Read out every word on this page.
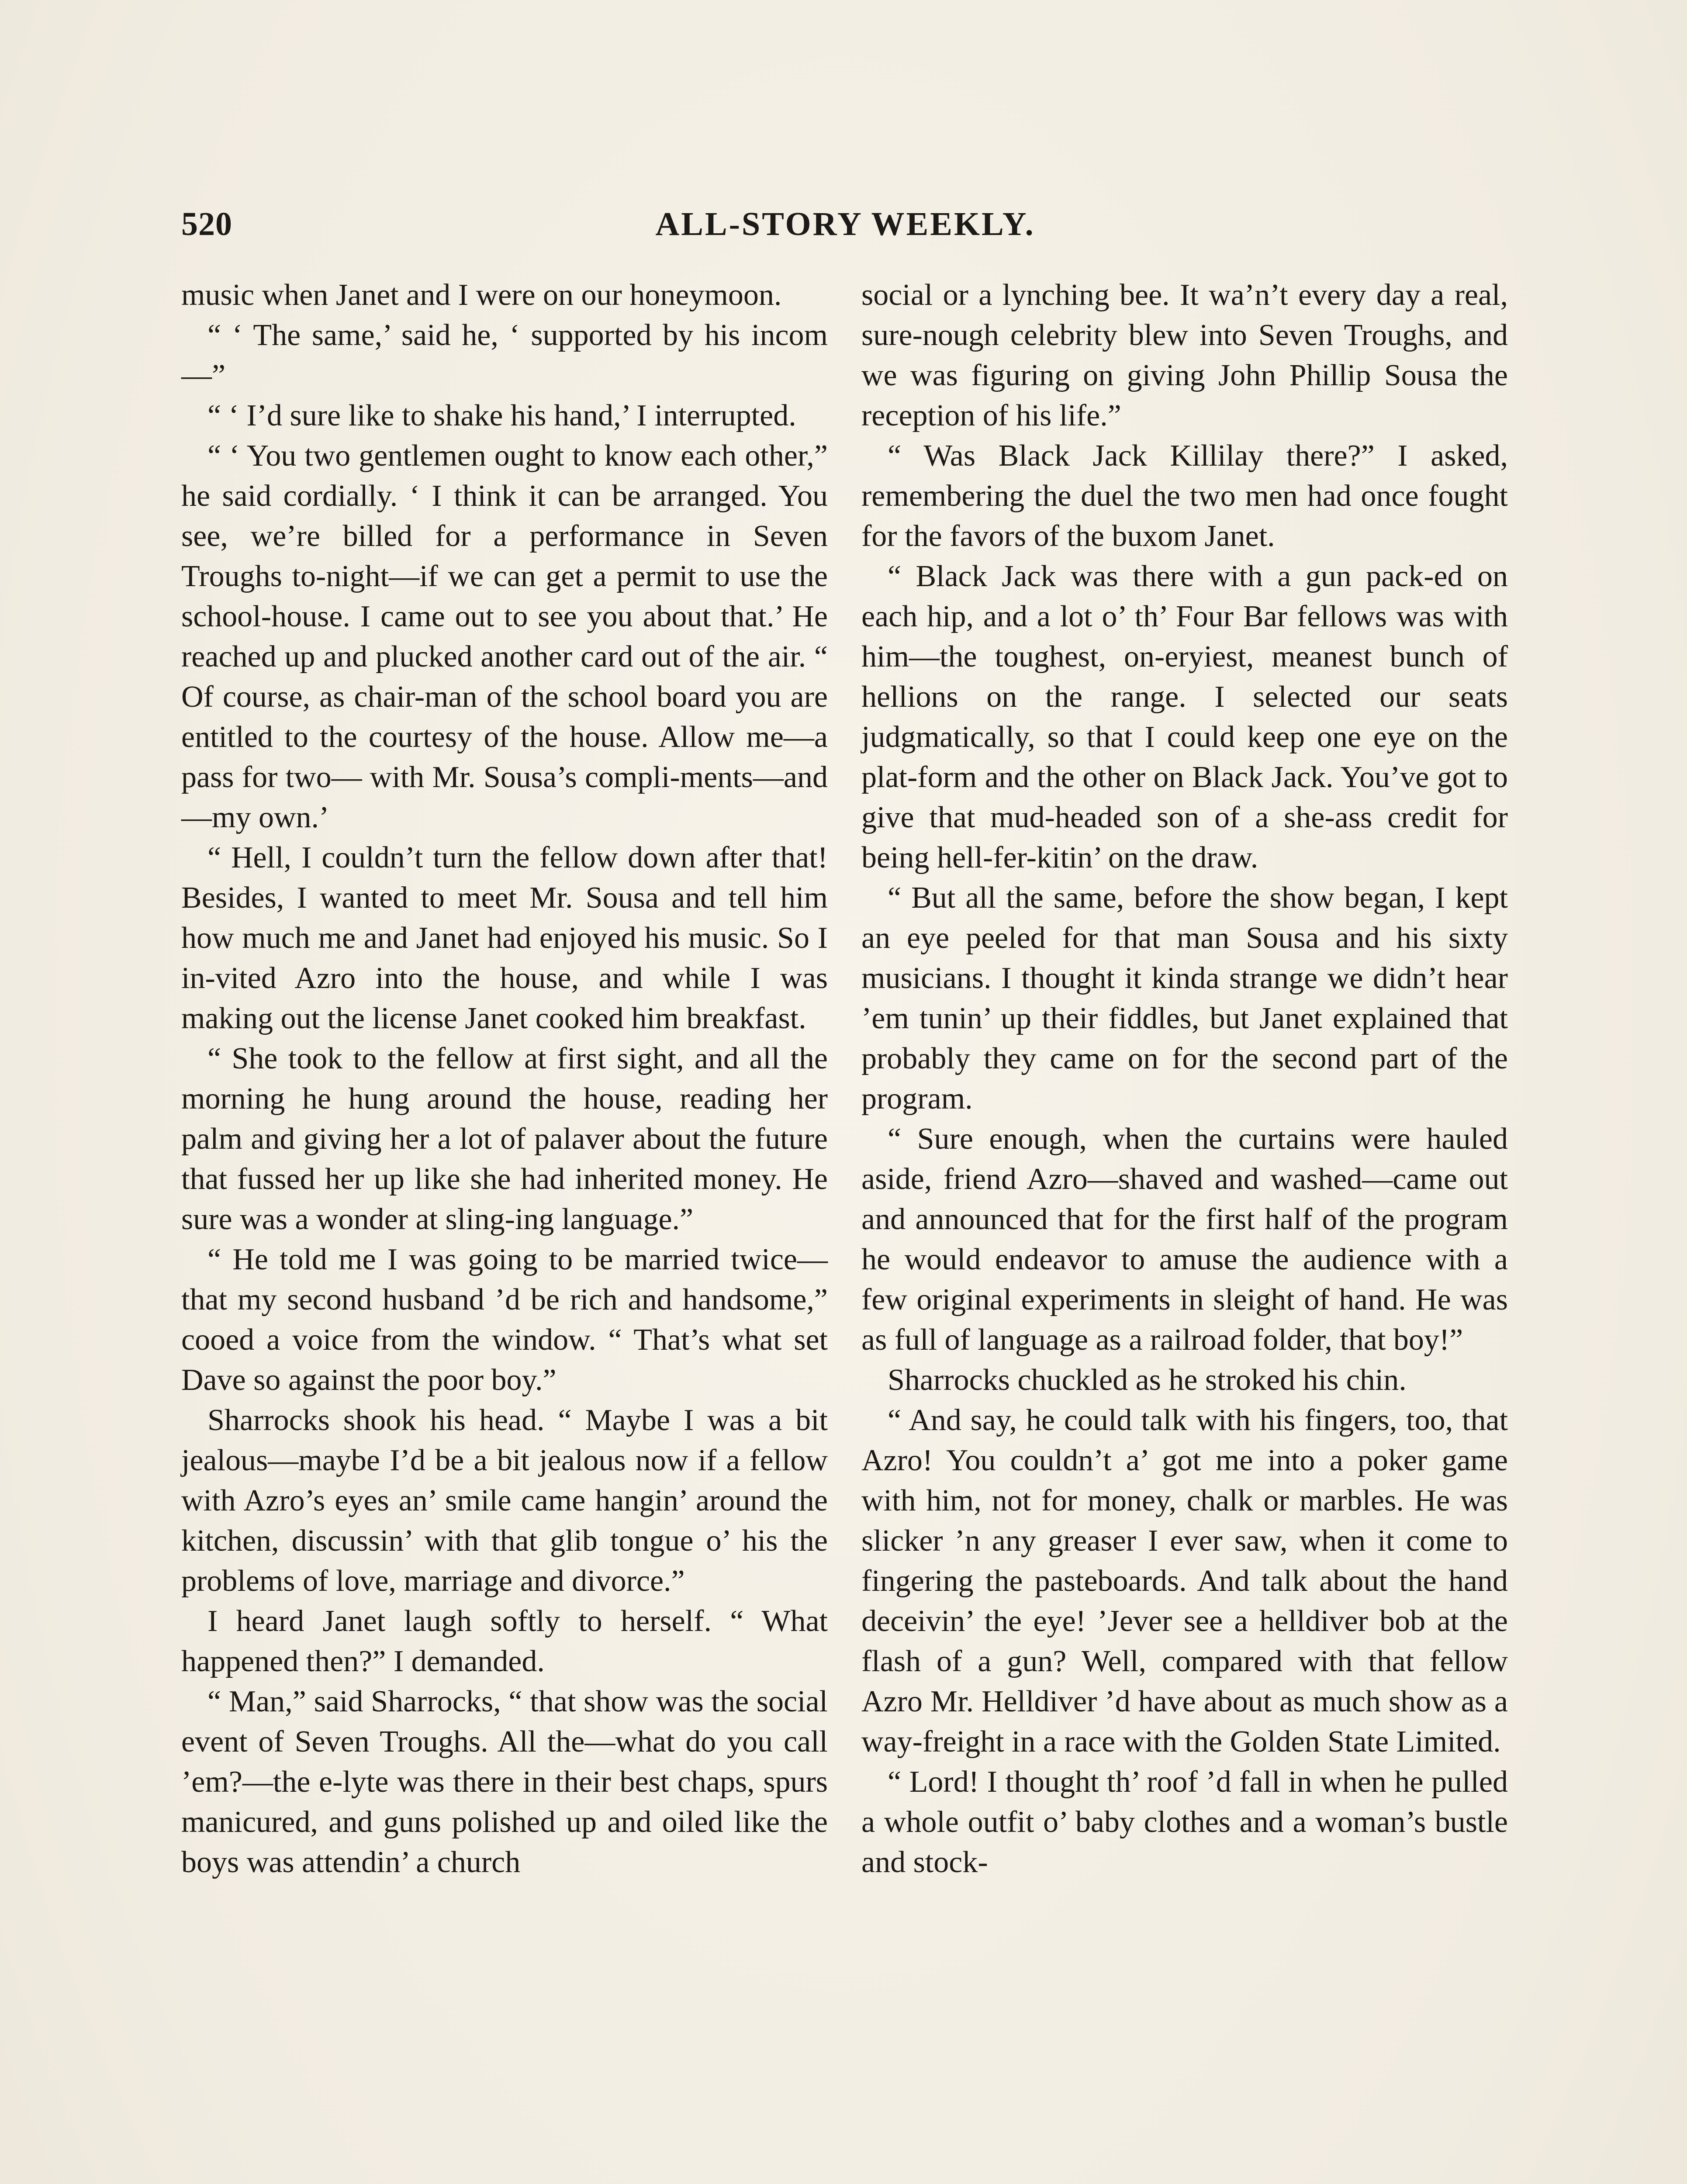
520	ALL-STORY WEEKLY.

music when Janet and I were on our honeymoon.

“ ‘ The same,’ said he, ‘ supported by his incom—”

“ ‘ I’d sure like to shake his hand,’ I interrupted.

“ ‘ You two gentlemen ought to know each other,” he said cordially. ‘ I think it can be arranged. You see, we’re billed for a performance in Seven Troughs to-night—if we can get a permit to use the school-house. I came out to see you about that.’ He reached up and plucked another card out of the air. “ Of course, as chair-man of the school board you are entitled to the courtesy of the house. Allow me—a pass for two— with Mr. Sousa’s compli-ments—and—my own.’

“ Hell, I couldn’t turn the fellow down after that! Besides, I wanted to meet Mr. Sousa and tell him how much me and Janet had enjoyed his music. So I in-vited Azro into the house, and while I was making out the license Janet cooked him breakfast.

“ She took to the fellow at first sight, and all the morning he hung around the house, reading her palm and giving her a lot of palaver about the future that fussed her up like she had inherited money. He sure was a wonder at sling-ing language.”

“ He told me I was going to be married twice—that my second husband ’d be rich and handsome,” cooed a voice from the window. “ That’s what set Dave so against the poor boy.”

Sharrocks shook his head. “ Maybe I was a bit jealous—maybe I’d be a bit jealous now if a fellow with Azro’s eyes an’ smile came hangin’ around the kitchen, discussin’ with that glib tongue o’ his the problems of love, marriage and divorce.”

I heard Janet laugh softly to herself. “ What happened then?” I demanded.

“ Man,” said Sharrocks, “ that show was the social event of Seven Troughs. All the—what do you call ’em?—the e-lyte was there in their best chaps, spurs manicured, and guns polished up and oiled like the boys was attendin’ a church

social or a lynching bee. It wa’n’t every day a real, sure-nough celebrity blew into Seven Troughs, and we was figuring on giving John Phillip Sousa the reception of his life.”

“ Was Black Jack Killilay there?” I asked, remembering the duel the two men had once fought for the favors of the buxom Janet.

“ Black Jack was there with a gun pack-ed on each hip, and a lot o’ th’ Four Bar fellows was with him—the toughest, on-eryiest, meanest bunch of hellions on the range. I selected our seats judgmatically, so that I could keep one eye on the plat-form and the other on Black Jack. You’ve got to give that mud-headed son of a she-ass credit for being hell-fer-kitin’ on the draw.

“ But all the same, before the show began, I kept an eye peeled for that man Sousa and his sixty musicians. I thought it kinda strange we didn’t hear ’em tunin’ up their fiddles, but Janet explained that probably they came on for the second part of the program.

“ Sure enough, when the curtains were hauled aside, friend Azro—shaved and washed—came out and announced that for the first half of the program he would endeavor to amuse the audience with a few original experiments in sleight of hand. He was as full of language as a railroad folder, that boy!”

Sharrocks chuckled as he stroked his chin.

“ And say, he could talk with his fingers, too, that Azro! You couldn’t a’ got me into a poker game with him, not for money, chalk or marbles. He was slicker ’n any greaser I ever saw, when it come to fingering the pasteboards. And talk about the hand deceivin’ the eye! ’Jever see a helldiver bob at the flash of a gun? Well, compared with that fellow Azro Mr. Helldiver ’d have about as much show as a way-freight in a race with the Golden State Limited.

“ Lord! I thought th’ roof ’d fall in when he pulled a whole outfit o’ baby clothes and a woman’s bustle and stock-
